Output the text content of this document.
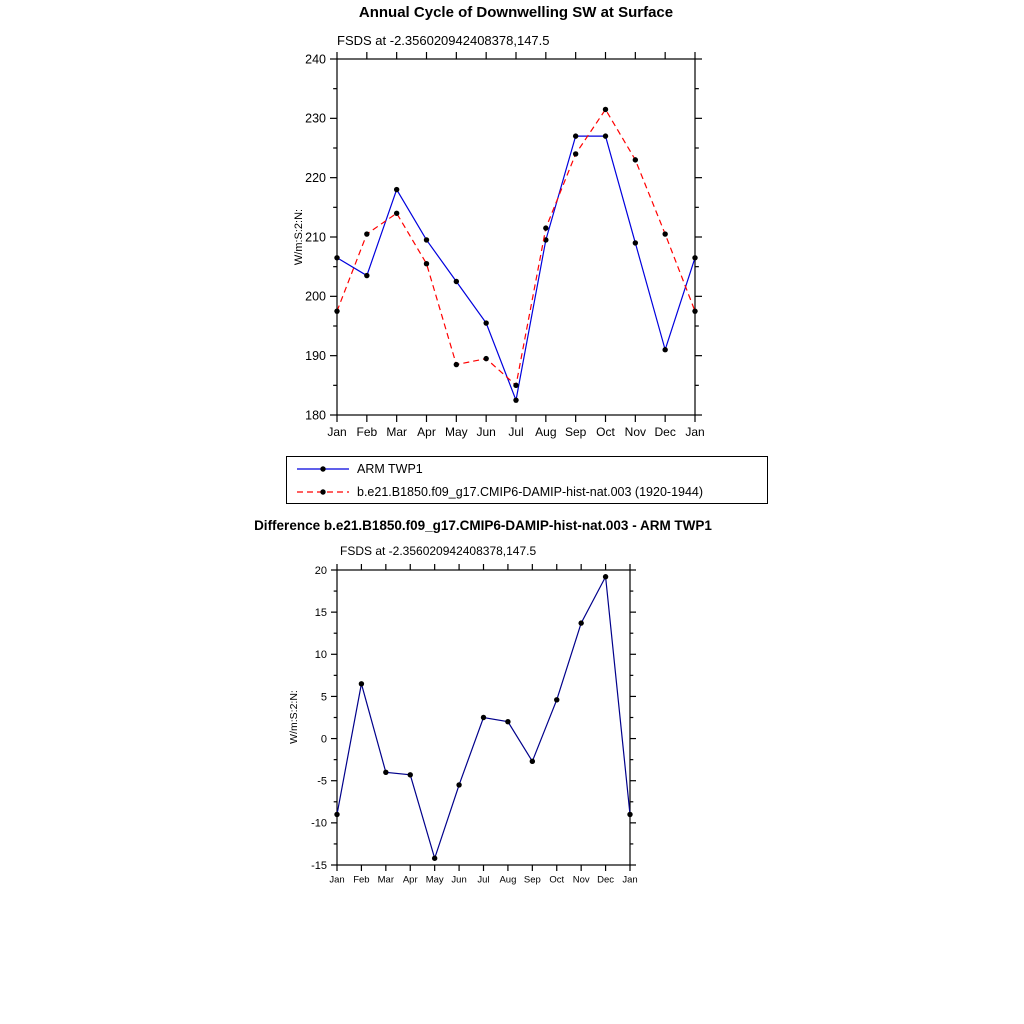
Annual Cycle of Downwelling SW at Surface
FSDS at -2.356020942408378,147.5
W/m:S:2:N:
180
190
200
210
220
230
240
Jan Feb Mar Apr May Jun Jul Aug Sep Oct Nov Dec Jan
ARM TWP1
b.e21.B1850.f09_g17.CMIP6-DAMIP-hist-nat.003 (1920-1944)
Difference b.e21.B1850.f09_g17.CMIP6-DAMIP-hist-nat.003 - ARM TWP1
FSDS at -2.356020942408378,147.5
W/m:S:2:N:
-15
-10
-5
0
5
10
15
20
Jan Feb Mar Apr May Jun Jul Aug Sep Oct Nov Dec Jan
